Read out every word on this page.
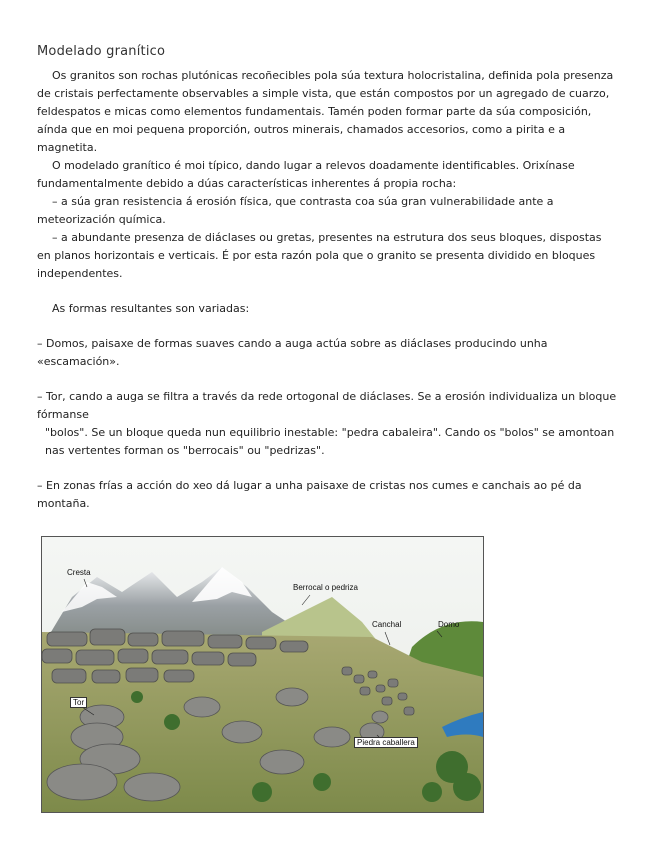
Modelado granítico

Os granitos son rochas plutónicas recoñecibles pola súa textura holocristalina, definida pola presenza de cristais perfectamente observables a simple vista, que están compostos por un agregado de cuarzo, feldespatos e micas como elementos fundamentais. Tamén poden formar parte da súa composición, aínda que en moi pequena proporción, outros minerais, chamados accesorios, como a pirita e a magnetita.

O modelado granítico é moi típico, dando lugar a relevos doadamente identificables. Orixínase fundamentalmente debido a dúas características inherentes á propia rocha:

– a súa gran resistencia á erosión física, que contrasta coa súa gran vulnerabilidade ante a meteorización química.

– a abundante presenza de diáclases ou gretas, presentes na estrutura dos seus bloques, dispostas en planos horizontais e verticais. É por esta razón pola que o granito se presenta dividido en bloques independentes.

As formas resultantes son variadas:

– Domos, paisaxe de formas suaves cando a auga actúa sobre as diáclases producindo unha «escamación».

– Tor, cando a auga se filtra a través da rede ortogonal de diáclases. Se a erosión individualiza un bloque fórmanse

"bolos". Se un bloque queda nun equilibrio inestable: "pedra cabaleira". Cando os "bolos" se amontoan nas vertentes forman os "berrocais" ou "pedrizas".

– En zonas frías a acción do xeo dá lugar a unha paisaxe de cristas nos cumes e canchais ao pé da montaña.

Cresta
Berrocal o pedriza
Canchal	Domo
Tor
Piedra caballera
